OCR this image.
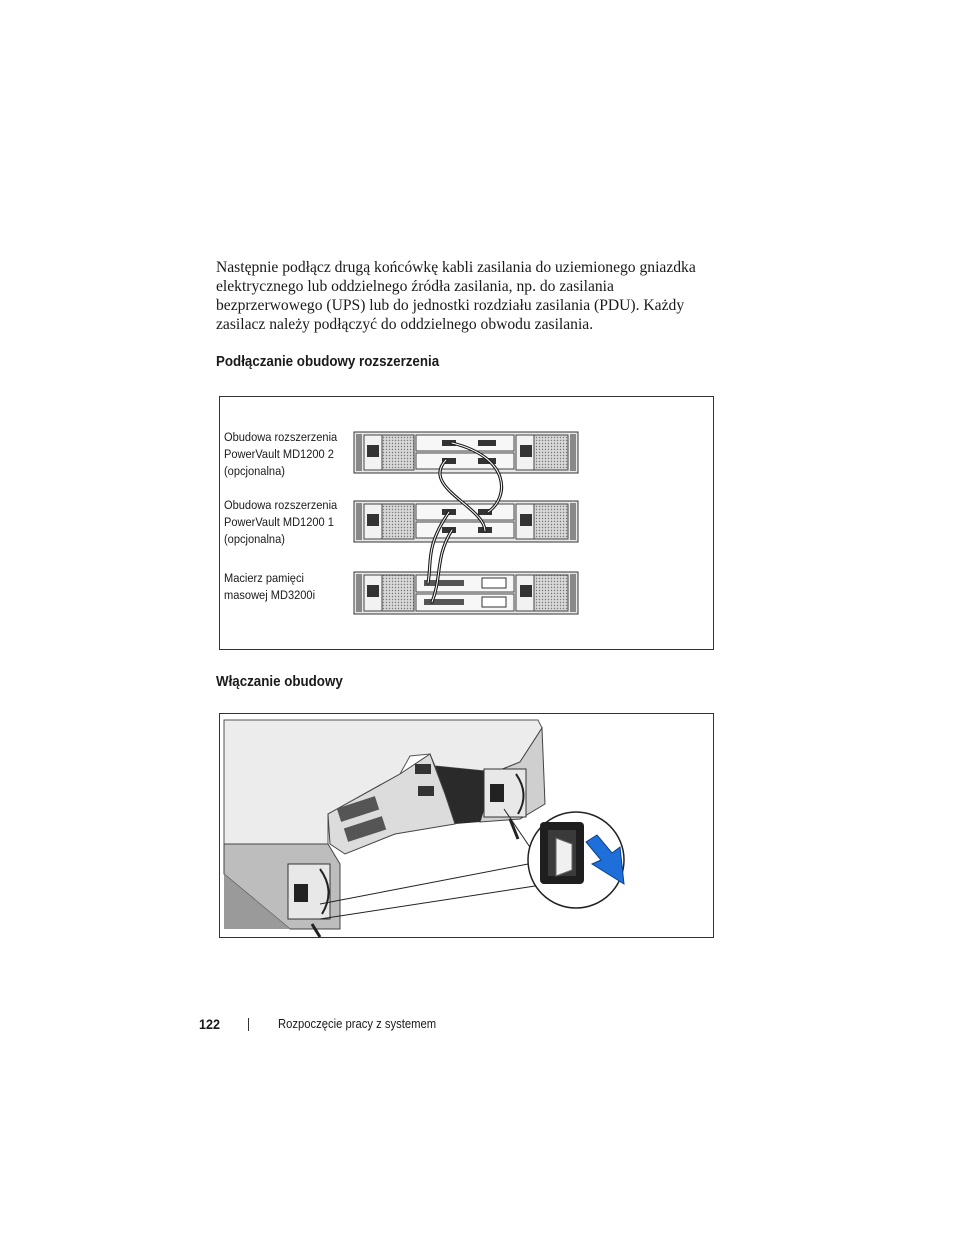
Następnie podłącz drugą końcówkę kabli zasilania do uziemionego gniazdka
elektrycznego lub oddzielnego źródła zasilania, np. do zasilania
bezprzerwowego (UPS) lub do jednostki rozdziału zasilania (PDU). Każdy
zasilacz należy podłączyć do oddzielnego obwodu zasilania.
Podłączanie obudowy rozszerzenia
Obudowa rozszerzenia
PowerVault MD1200 2
(opcjonalna)
Obudowa rozszerzenia
PowerVault MD1200 1
(opcjonalna)
Macierz pamięci
masowej MD3200i
Włączanie obudowy
122	Rozpoczęcie pracy z systemem
